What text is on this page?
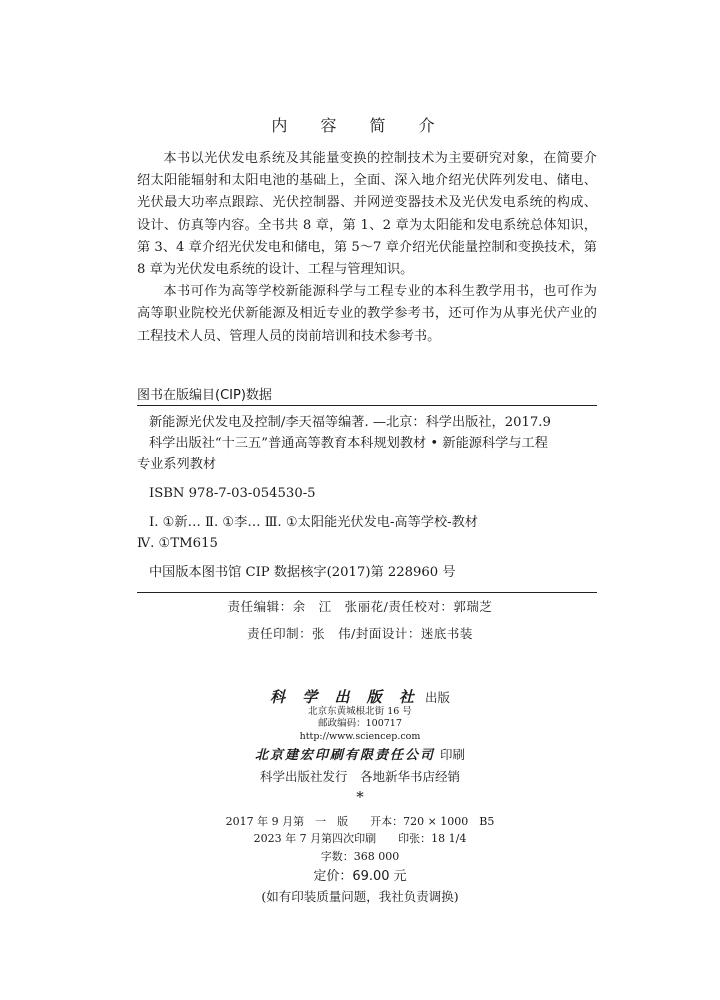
内 容 简 介

本书以光伏发电系统及其能量变换的控制技术为主要研究对象，在简要介绍太阳能辐射和太阳电池的基础上，全面、深入地介绍光伏阵列发电、储电、光伏最大功率点跟踪、光伏控制器、并网逆变器技术及光伏发电系统的构成、设计、仿真等内容。全书共 8 章，第 1、2 章为太阳能和发电系统总体知识，第 3、4 章介绍光伏发电和储电，第 5～7 章介绍光伏能量控制和变换技术，第 8 章为光伏发电系统的设计、工程与管理知识。

本书可作为高等学校新能源科学与工程专业的本科生教学用书，也可作为高等职业院校光伏新能源及相近专业的教学参考书，还可作为从事光伏产业的工程技术人员、管理人员的岗前培训和技术参考书。

图书在版编目(CIP)数据
新能源光伏发电及控制/李天福等编著. —北京：科学出版社，2017.9
科学出版社“十三五”普通高等教育本科规划教材 • 新能源科学与工程
专业系列教材
ISBN 978-7-03-054530-5
Ⅰ. ①新… Ⅱ. ①李… Ⅲ. ①太阳能光伏发电-高等学校-教材
Ⅳ. ①TM615
中国版本图书馆 CIP 数据核字(2017)第 228960 号
责任编辑：余　江　张丽花/责任校对：郭瑞芝
责任印制：张　伟/封面设计：迷底书装
科 学 出 版 社 出版
北京东黄城根北街 16 号
邮政编码：100717
http://www.sciencep.com
北京建宏印刷有限责任公司 印刷
科学出版社发行　各地新华书店经销
*
2017 年 9 月第　一　版　　开本：720 × 1000　B5
2023 年 7 月第四次印刷　　印张：18 1/4
字数：368 000
定价：69.00 元
(如有印装质量问题，我社负责调换)
